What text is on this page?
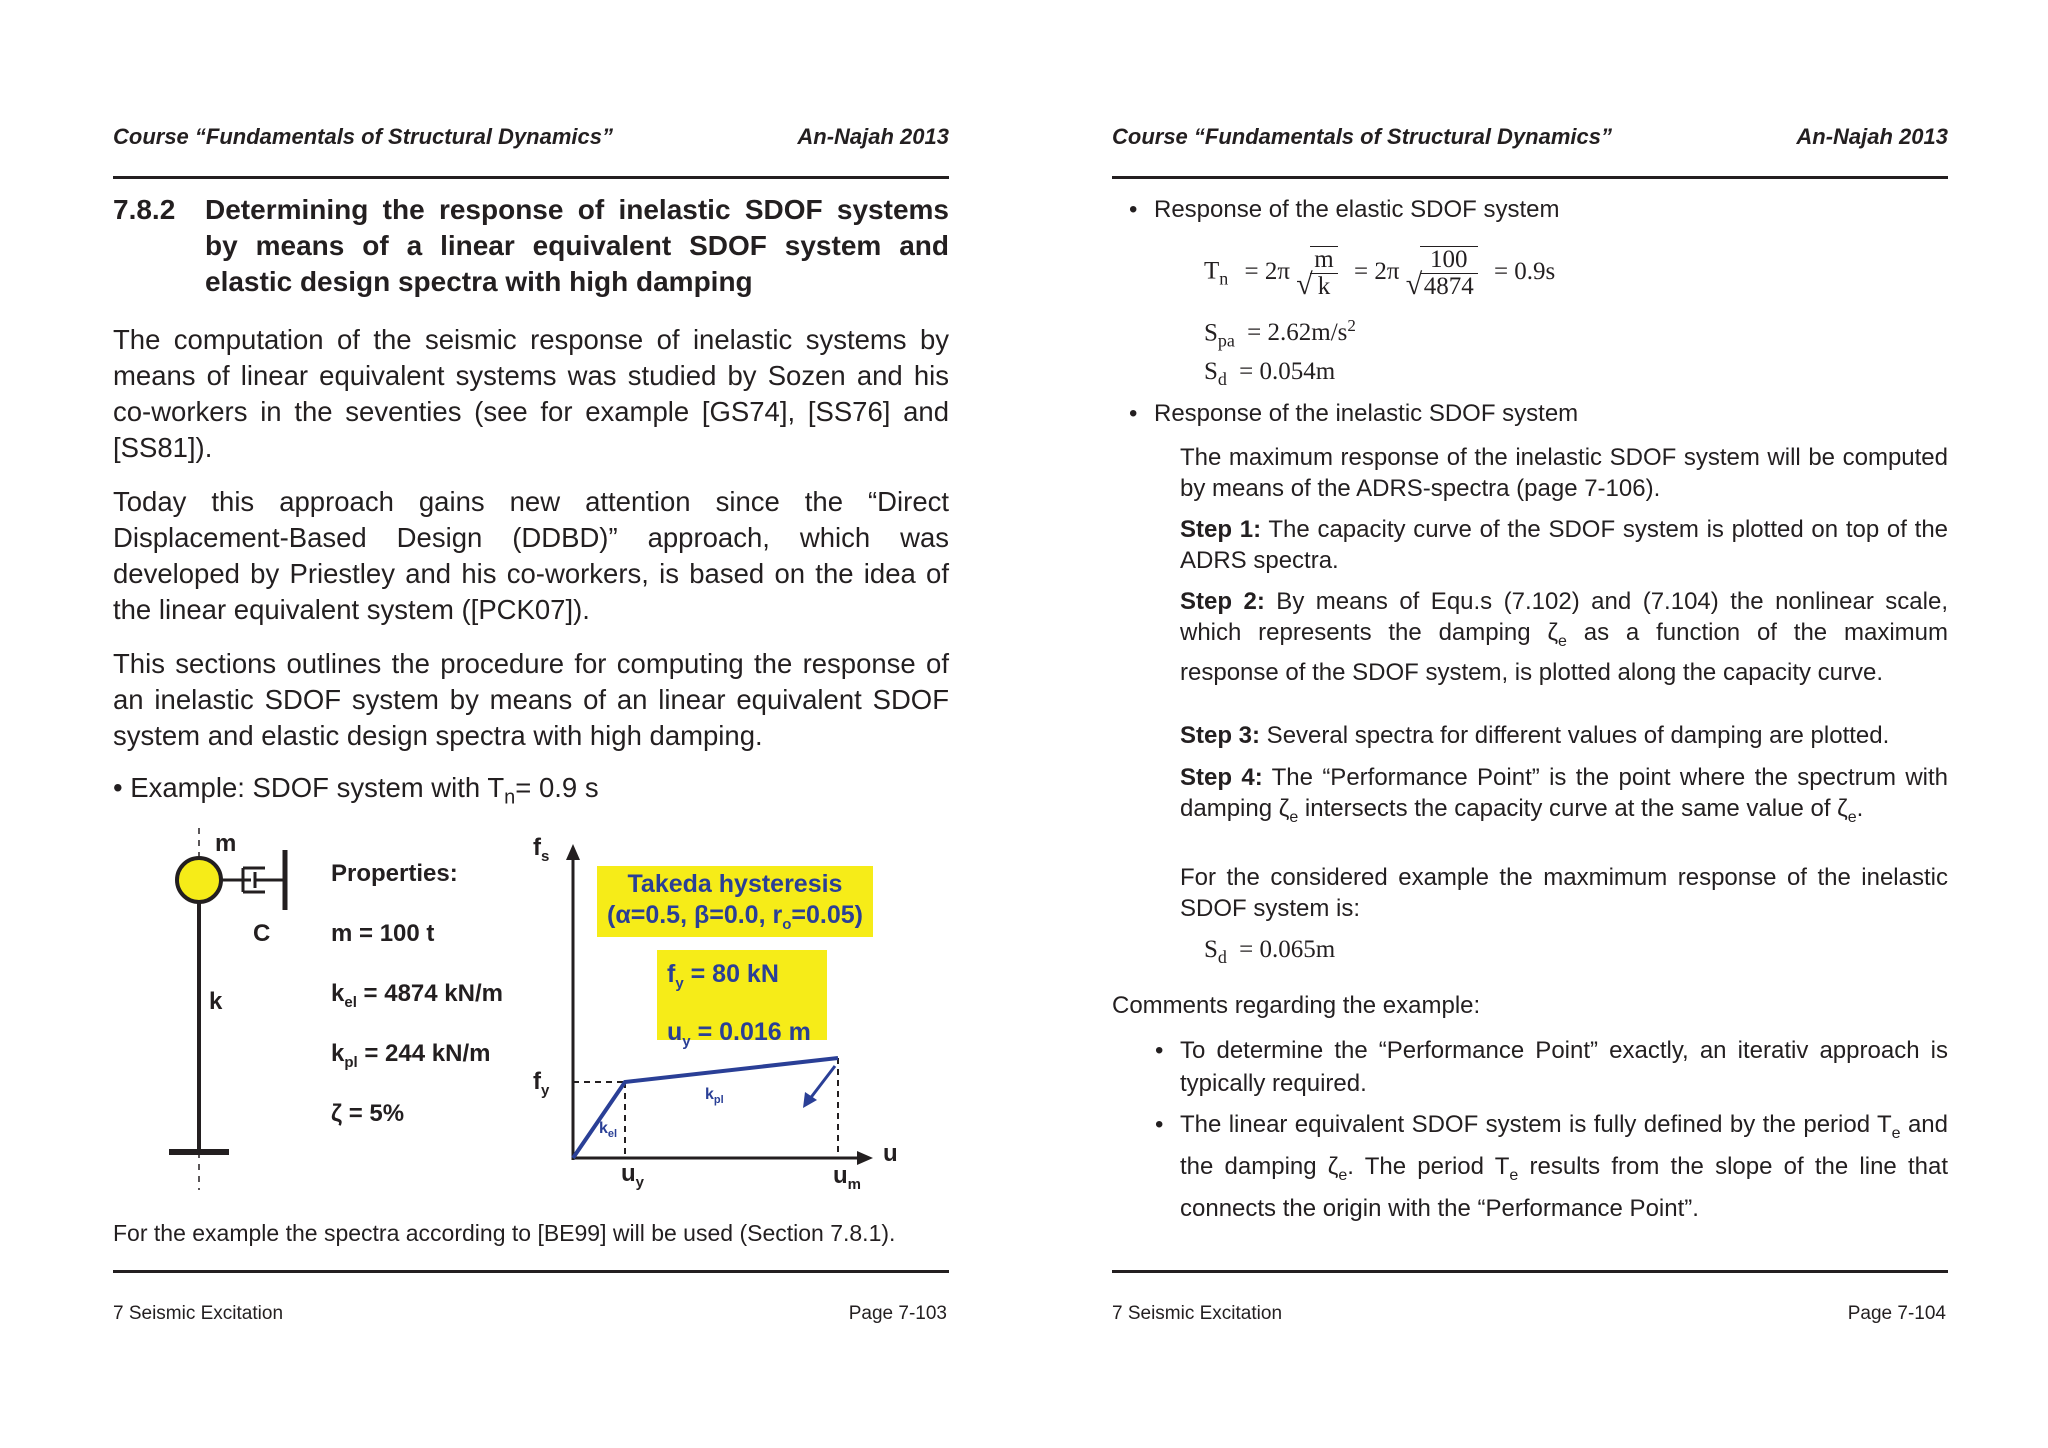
Course “Fundamentals of Structural Dynamics”	An-Najah 2013
7.8.2 Determining the response of inelastic SDOF systems by means of a linear equivalent SDOF system and elastic design spectra with high damping
The computation of the seismic response of inelastic systems by means of linear equivalent systems was studied by Sozen and his co-workers in the seventies (see for example [GS74], [SS76] and [SS81]).
Today this approach gains new attention since the “Direct Displacement-Based Design (DDBD)” approach, which was developed by Priestley and his co-workers, is based on the idea of the linear equivalent system ([PCK07]).
This sections outlines the procedure for computing the response of an inelastic SDOF system by means of an linear equivalent SDOF system and elastic design spectra with high damping.
• Example: SDOF system with $T_n= 0.9$ s
m
C
k
Properties:
m = 100 t
$k_{el} = 4874$ kN/m
$k_{pl} = 244$ kN/m
ζ = 5%
$f_s$
$f_y$
u
$u_y$	$u_m$
$k_{el}$
$k_{pl}$
Takeda hysteresis
(α=0.5, β=0.0, $r_o=0.05$)
$f_y = 80$ kN
$u_y = 0.016$ m
For the example the spectra according to [BE99] will be used (Section 7.8.1).
7 Seismic Excitation	Page 7-103
Course “Fundamentals of Structural Dynamics”	An-Najah 2013
• Response of the elastic SDOF system
$T_n = 2\pi$ √ $\frac{m}{k} = 2\pi$ √ $\frac{100}{4874} = 0.9s$
$S_{pa} = 2.62m/s^2$
$S_d = 0.054m$
• Response of the inelastic SDOF system
The maximum response of the inelastic SDOF system will be computed by means of the ADRS-spectra (page 7-106).
Step 1: The capacity curve of the SDOF system is plotted on top of the ADRS spectra.
Step 2: By means of Equ.s (7.102) and (7.104) the nonlinear scale, which represents the damping $\zeta_e$ as a function of the maximum response of the SDOF system, is plotted along the capacity curve.
Step 3: Several spectra for different values of damping are plotted.
Step 4: The “Performance Point” is the point where the spectrum with damping $\zeta_e$ intersects the capacity curve at the same value of $\zeta_e$.
For the considered example the maxmimum response of the inelastic SDOF system is:
$S_d = 0.065m$
Comments regarding the example:
• To determine the “Performance Point” exactly, an iterativ approach is typically required.
• The linear equivalent SDOF system is fully defined by the period $T_e$ and the damping $\zeta_e$. The period $T_e$ results from the slope of the line that connects the origin with the “Performance Point”.
7 Seismic Excitation	Page 7-104
